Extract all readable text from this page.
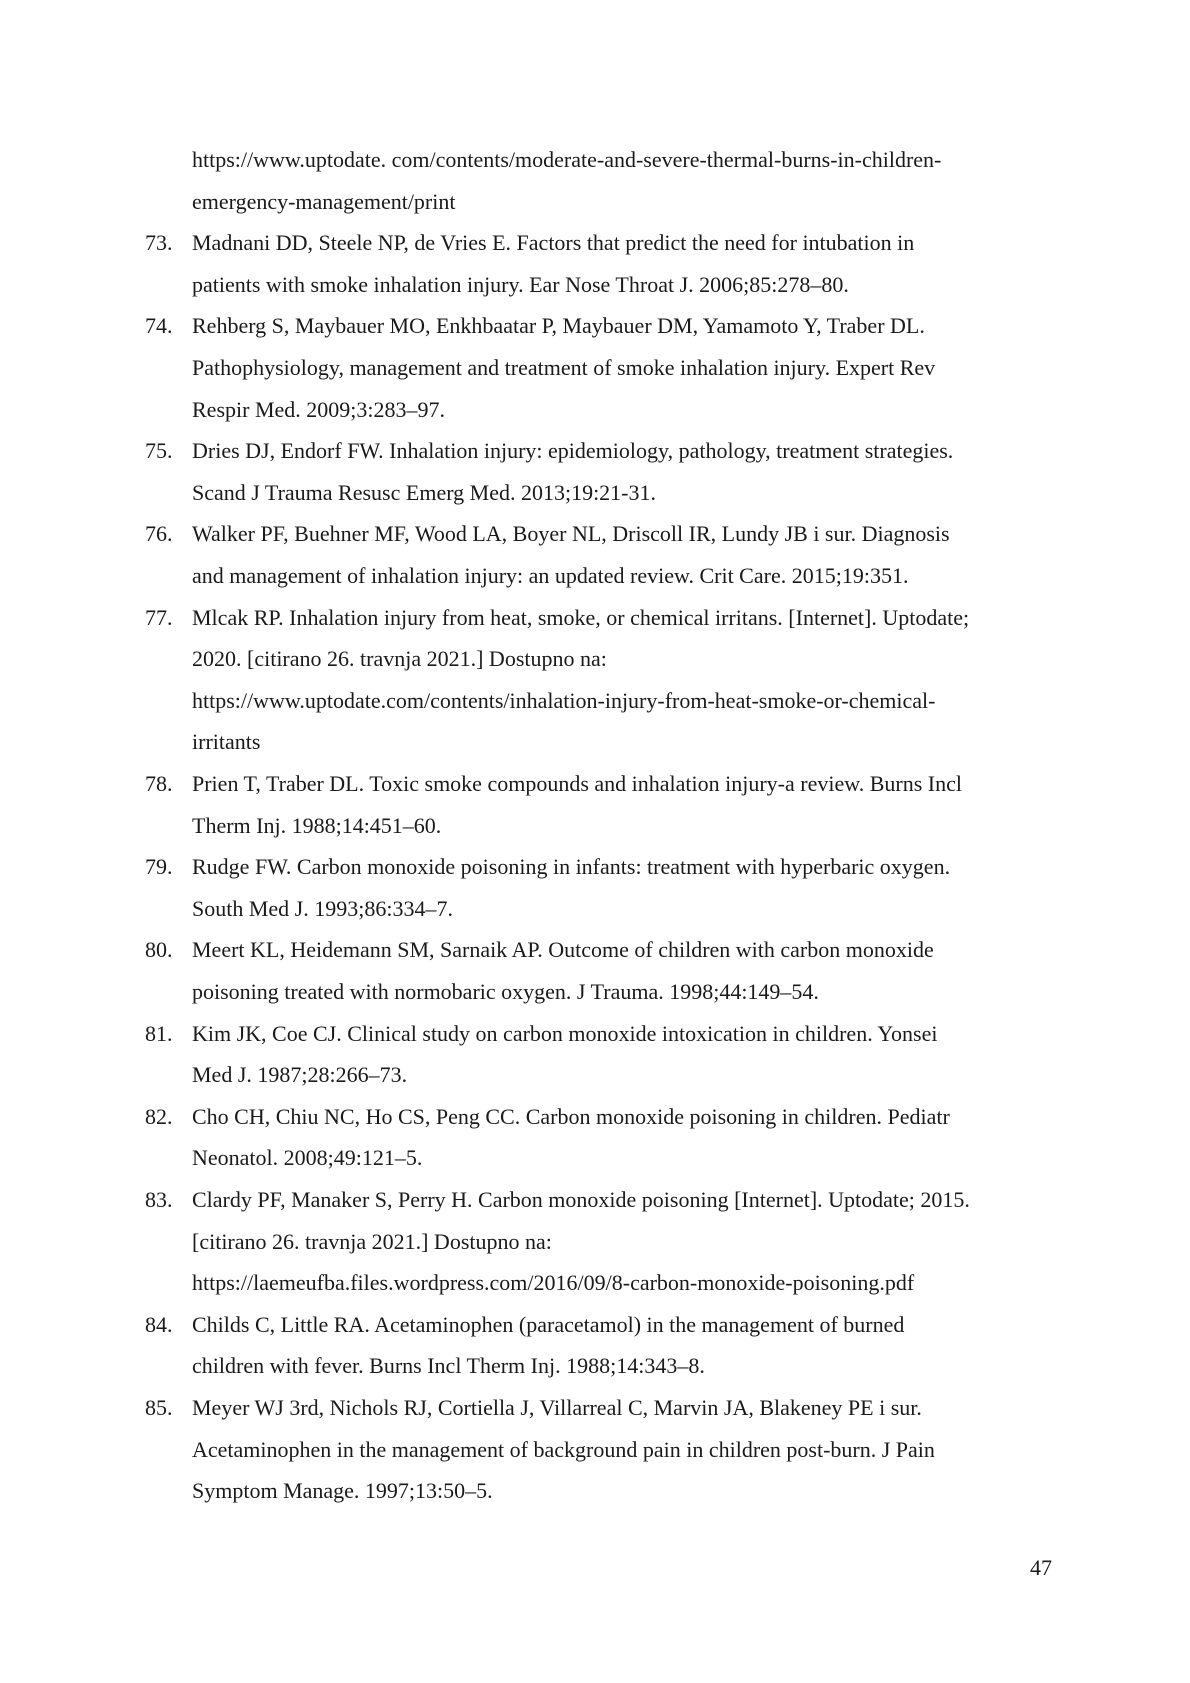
https://www.uptodate. com/contents/moderate-and-severe-thermal-burns-in-children-
emergency-management/print
73. Madnani DD, Steele NP, de Vries E. Factors that predict the need for intubation in
patients with smoke inhalation injury. Ear Nose Throat J. 2006;85:278–80.
74. Rehberg S, Maybauer MO, Enkhbaatar P, Maybauer DM, Yamamoto Y, Traber DL.
Pathophysiology, management and treatment of smoke inhalation injury. Expert Rev
Respir Med. 2009;3:283–97.
75. Dries DJ, Endorf FW. Inhalation injury: epidemiology, pathology, treatment strategies.
Scand J Trauma Resusc Emerg Med. 2013;19:21-31.
76. Walker PF, Buehner MF, Wood LA, Boyer NL, Driscoll IR, Lundy JB i sur. Diagnosis
and management of inhalation injury: an updated review. Crit Care. 2015;19:351.
77. Mlcak RP. Inhalation injury from heat, smoke, or chemical irritans. [Internet]. Uptodate;
2020. [citirano 26. travnja 2021.] Dostupno na:
https://www.uptodate.com/contents/inhalation-injury-from-heat-smoke-or-chemical-
irritants
78. Prien T, Traber DL. Toxic smoke compounds and inhalation injury-a review. Burns Incl
Therm Inj. 1988;14:451–60.
79. Rudge FW. Carbon monoxide poisoning in infants: treatment with hyperbaric oxygen.
South Med J. 1993;86:334–7.
80. Meert KL, Heidemann SM, Sarnaik AP. Outcome of children with carbon monoxide
poisoning treated with normobaric oxygen. J Trauma. 1998;44:149–54.
81. Kim JK, Coe CJ. Clinical study on carbon monoxide intoxication in children. Yonsei
Med J. 1987;28:266–73.
82. Cho CH, Chiu NC, Ho CS, Peng CC. Carbon monoxide poisoning in children. Pediatr
Neonatol. 2008;49:121–5.
83. Clardy PF, Manaker S, Perry H. Carbon monoxide poisoning [Internet]. Uptodate; 2015.
[citirano 26. travnja 2021.] Dostupno na:
https://laemeufba.files.wordpress.com/2016/09/8-carbon-monoxide-poisoning.pdf
84. Childs C, Little RA. Acetaminophen (paracetamol) in the management of burned
children with fever. Burns Incl Therm Inj. 1988;14:343–8.
85. Meyer WJ 3rd, Nichols RJ, Cortiella J, Villarreal C, Marvin JA, Blakeney PE i sur.
Acetaminophen in the management of background pain in children post-burn. J Pain
Symptom Manage. 1997;13:50–5.
47
